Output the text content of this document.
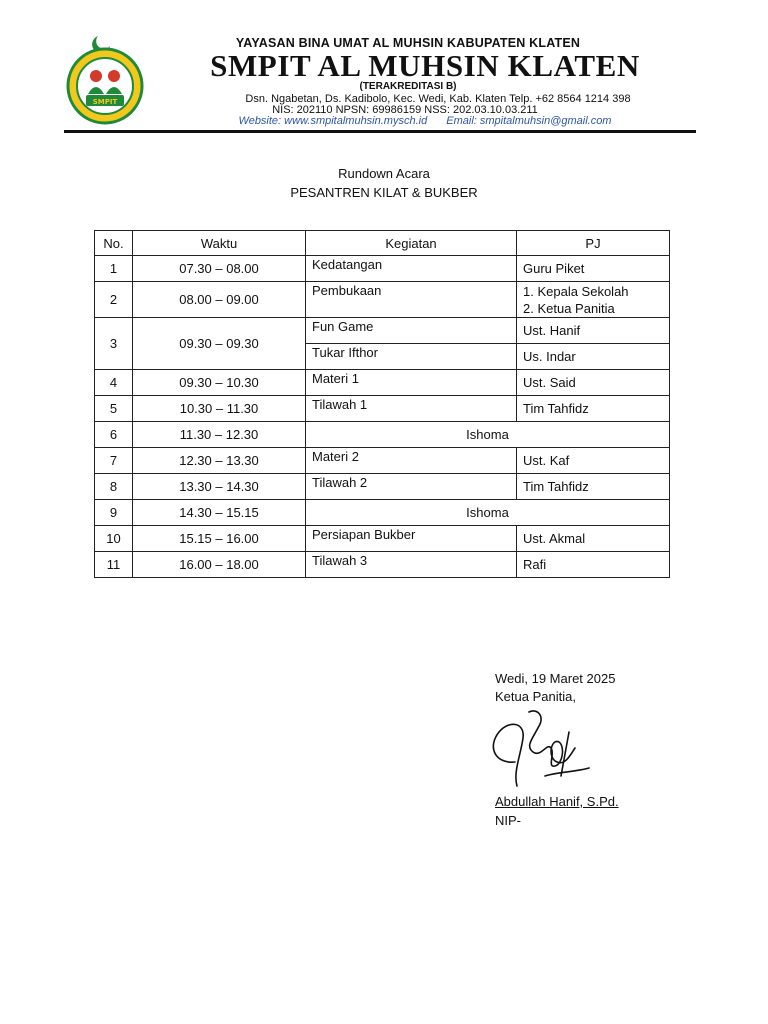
SMPIT
YAYASAN BINA UMAT AL MUHSIN KABUPATEN KLATEN
SMPIT AL MUHSIN KLATEN
(TERAKREDITASI B)
Dsn. Ngabetan, Ds. Kadibolo, Kec. Wedi, Kab. Klaten Telp. +62 8564 1214 398
NIS: 202110 NPSN: 69986159 NSS: 202.03.10.03.211
Website: www.smpitalmuhsin.mysch.id Email: smpitalmuhsin@gmail.com
Rundown Acara
PESANTREN KILAT & BUKBER
No.	Waktu	Kegiatan	PJ
1	07.30 – 08.00	Kedatangan	Guru Piket
2	08.00 – 09.00	Pembukaan	1. Kepala Sekolah
2. Ketua Panitia

3	09.30 – 09.30	Fun Game	Ust. Hanif
		Tukar Ifthor	Us. Indar
4	09.30 – 10.30	Materi 1	Ust. Said
5	10.30 – 11.30	Tilawah 1	Tim Tahfidz
6	11.30 – 12.30	Ishoma	
7	12.30 – 13.30	Materi 2	Ust. Kaf
8	13.30 – 14.30	Tilawah 2	Tim Tahfidz
9	14.30 – 15.15	Ishoma	
10	15.15 – 16.00	Persiapan Bukber	Ust. Akmal
11	16.00 – 18.00	Tilawah 3	Rafi
Wedi, 19 Maret 2025
Ketua Panitia,
Abdullah Hanif, S.Pd.
NIP-
